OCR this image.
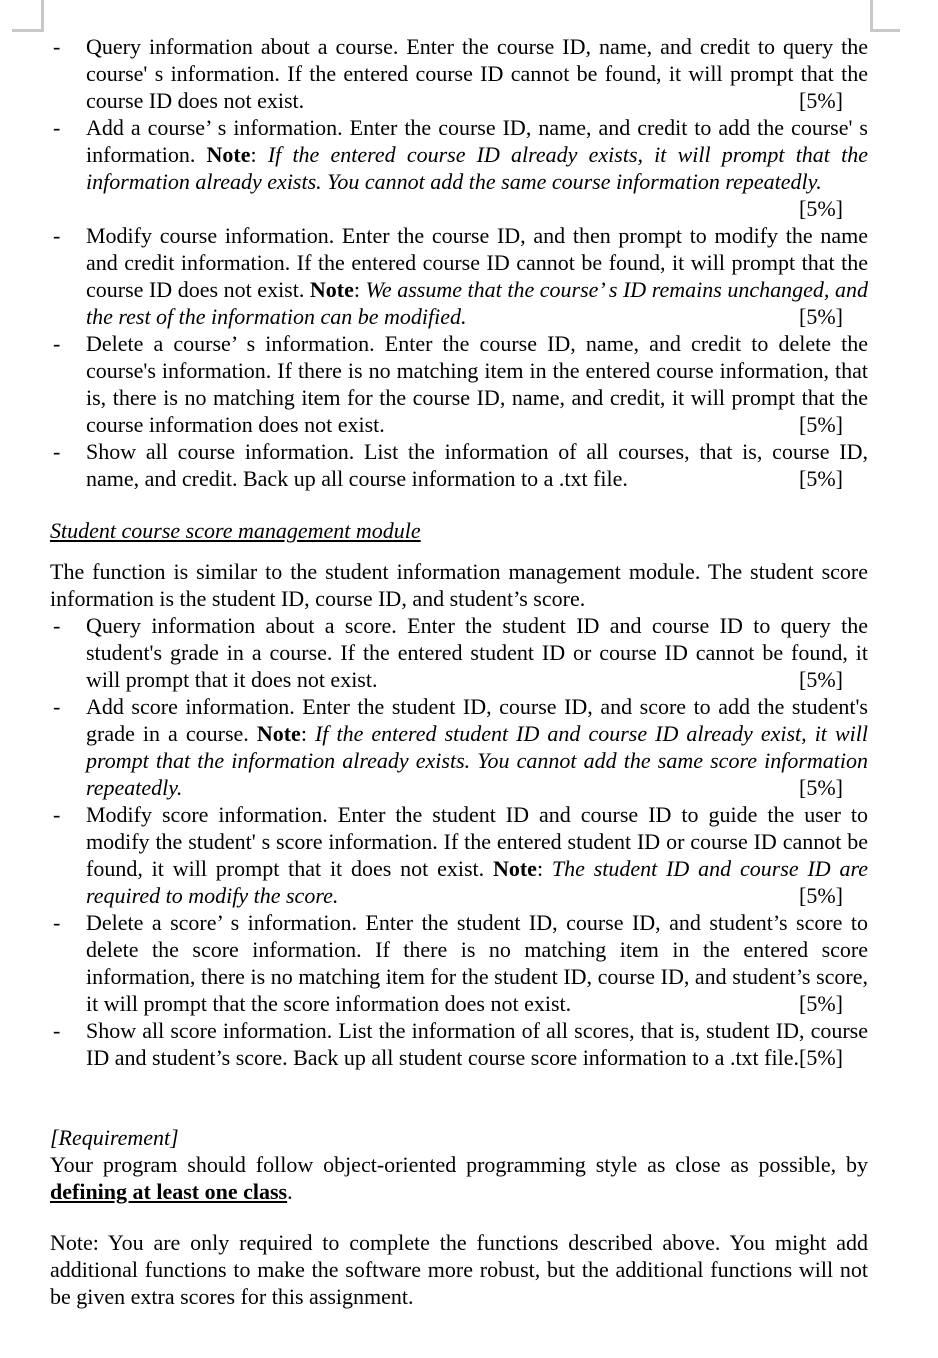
- Query information about a course. Enter the course ID, name, and credit to query the course' s information. If the entered course ID cannot be found, it will prompt that the course ID does not exist.	[5%]
- Add a course’ s information. Enter the course ID, name, and credit to add the course' s information. Note: If the entered course ID already exists, it will prompt that the information already exists. You cannot add the same course information repeatedly.
[5%]
- Modify course information. Enter the course ID, and then prompt to modify the name and credit information. If the entered course ID cannot be found, it will prompt that the course ID does not exist. Note: We assume that the course’ s ID remains unchanged, and the rest of the information can be modified.	[5%]
- Delete a course’ s information. Enter the course ID, name, and credit to delete the course's information. If there is no matching item in the entered course information, that is, there is no matching item for the course ID, name, and credit, it will prompt that the course information does not exist.	[5%]
- Show all course information. List the information of all courses, that is, course ID, name, and credit. Back up all course information to a .txt file.	[5%]
Student course score management module
The function is similar to the student information management module. The student score information is the student ID, course ID, and student’s score.
- Query information about a score. Enter the student ID and course ID to query the student's grade in a course. If the entered student ID or course ID cannot be found, it will prompt that it does not exist.	[5%]
- Add score information. Enter the student ID, course ID, and score to add the student's grade in a course. Note: If the entered student ID and course ID already exist, it will prompt that the information already exists. You cannot add the same score information repeatedly.	[5%]
- Modify score information. Enter the student ID and course ID to guide the user to modify the student' s score information. If the entered student ID or course ID cannot be found, it will prompt that it does not exist. Note: The student ID and course ID are required to modify the score.	[5%]
- Delete a score’ s information. Enter the student ID, course ID, and student’s score to delete the score information. If there is no matching item in the entered score information, there is no matching item for the student ID, course ID, and student’s score, it will prompt that the score information does not exist.	[5%]
- Show all score information. List the information of all scores, that is, student ID, course ID and student’s score. Back up all student course score information to a .txt file. [5%]
[Requirement]
Your program should follow object-oriented programming style as close as possible, by defining at least one class.
Note: You are only required to complete the functions described above. You might add additional functions to make the software more robust, but the additional functions will not be given extra scores for this assignment.
